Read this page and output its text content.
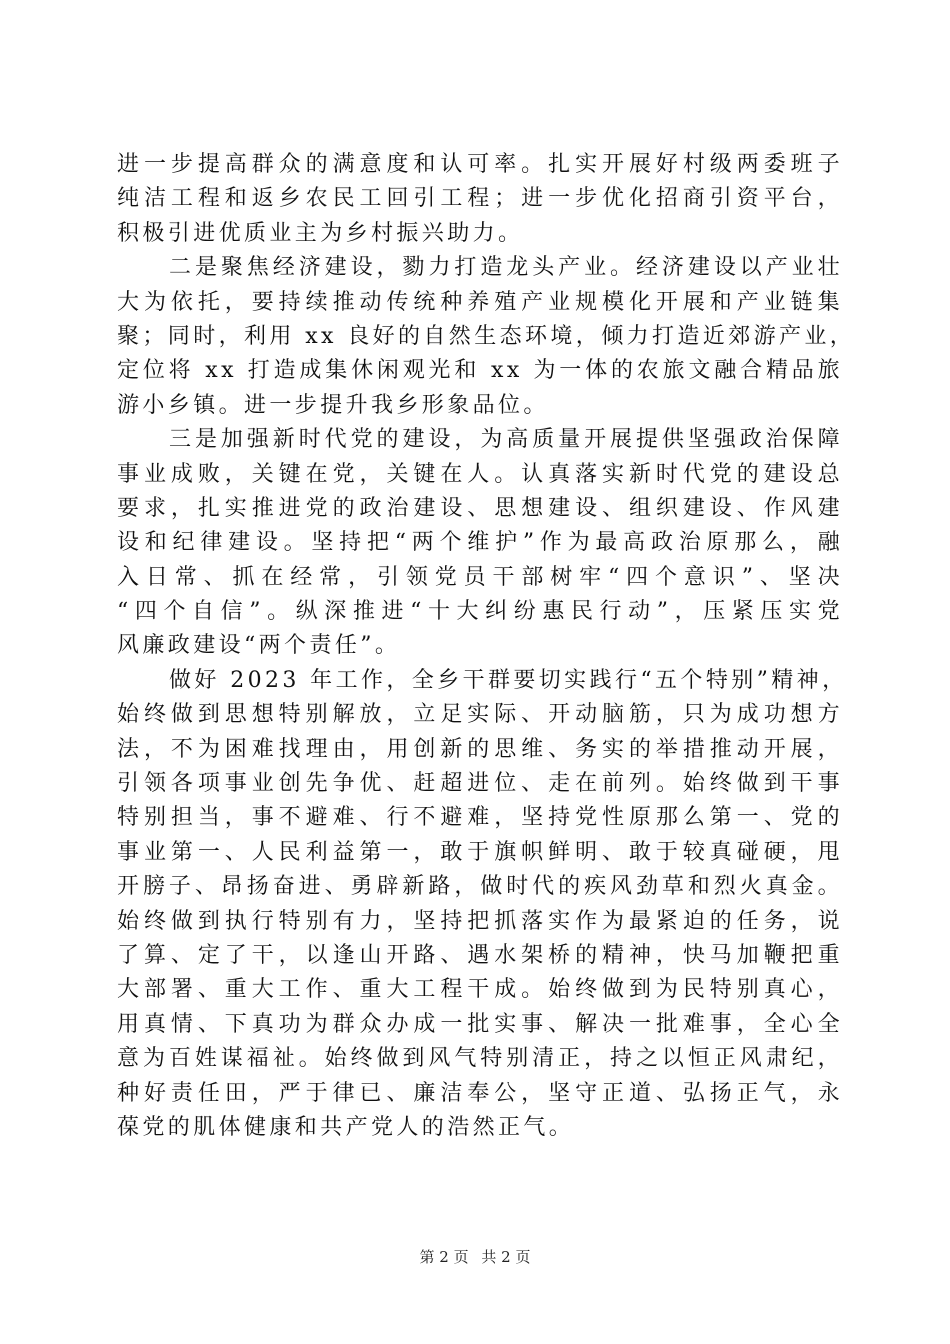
进一步提高群众的满意度和认可率。扎实开展好村级两委班子
纯洁工程和返乡农民工回引工程；进一步优化招商引资平台，
积极引进优质业主为乡村振兴助力。
二是聚焦经济建设，勠力打造龙头产业。经济建设以产业壮
大为依托，要持续推动传统种养殖产业规模化开展和产业链集
聚；同时，利用 xx 良好的自然生态环境，倾力打造近郊游产业，
定位将 xx 打造成集休闲观光和 xx 为一体的农旅文融合精品旅
游小乡镇。进一步提升我乡形象品位。
三是加强新时代党的建设，为高质量开展提供坚强政治保障
事业成败，关键在党，关键在人。认真落实新时代党的建设总
要求，扎实推进党的政治建设、思想建设、组织建设、作风建
设和纪律建设。坚持把“两个维护”作为最高政治原那么，融
入日常、抓在经常，引领党员干部树牢“四个意识”、坚决
“四个自信”。纵深推进“十大纠纷惠民行动”，压紧压实党
风廉政建设“两个责任”。
做好 2023 年工作，全乡干群要切实践行“五个特别”精神，
始终做到思想特别解放，立足实际、开动脑筋，只为成功想方
法，不为困难找理由，用创新的思维、务实的举措推动开展，
引领各项事业创先争优、赶超进位、走在前列。始终做到干事
特别担当，事不避难、行不避难，坚持党性原那么第一、党的
事业第一、人民利益第一，敢于旗帜鲜明、敢于较真碰硬，甩
开膀子、昂扬奋进、勇辟新路，做时代的疾风劲草和烈火真金。
始终做到执行特别有力，坚持把抓落实作为最紧迫的任务，说
了算、定了干，以逢山开路、遇水架桥的精神，快马加鞭把重
大部署、重大工作、重大工程干成。始终做到为民特别真心，
用真情、下真功为群众办成一批实事、解决一批难事，全心全
意为百姓谋福祉。始终做到风气特别清正，持之以恒正风肃纪，
种好责任田，严于律已、廉洁奉公，坚守正道、弘扬正气，永
葆党的肌体健康和共产党人的浩然正气。
第 2 页 共 2 页
